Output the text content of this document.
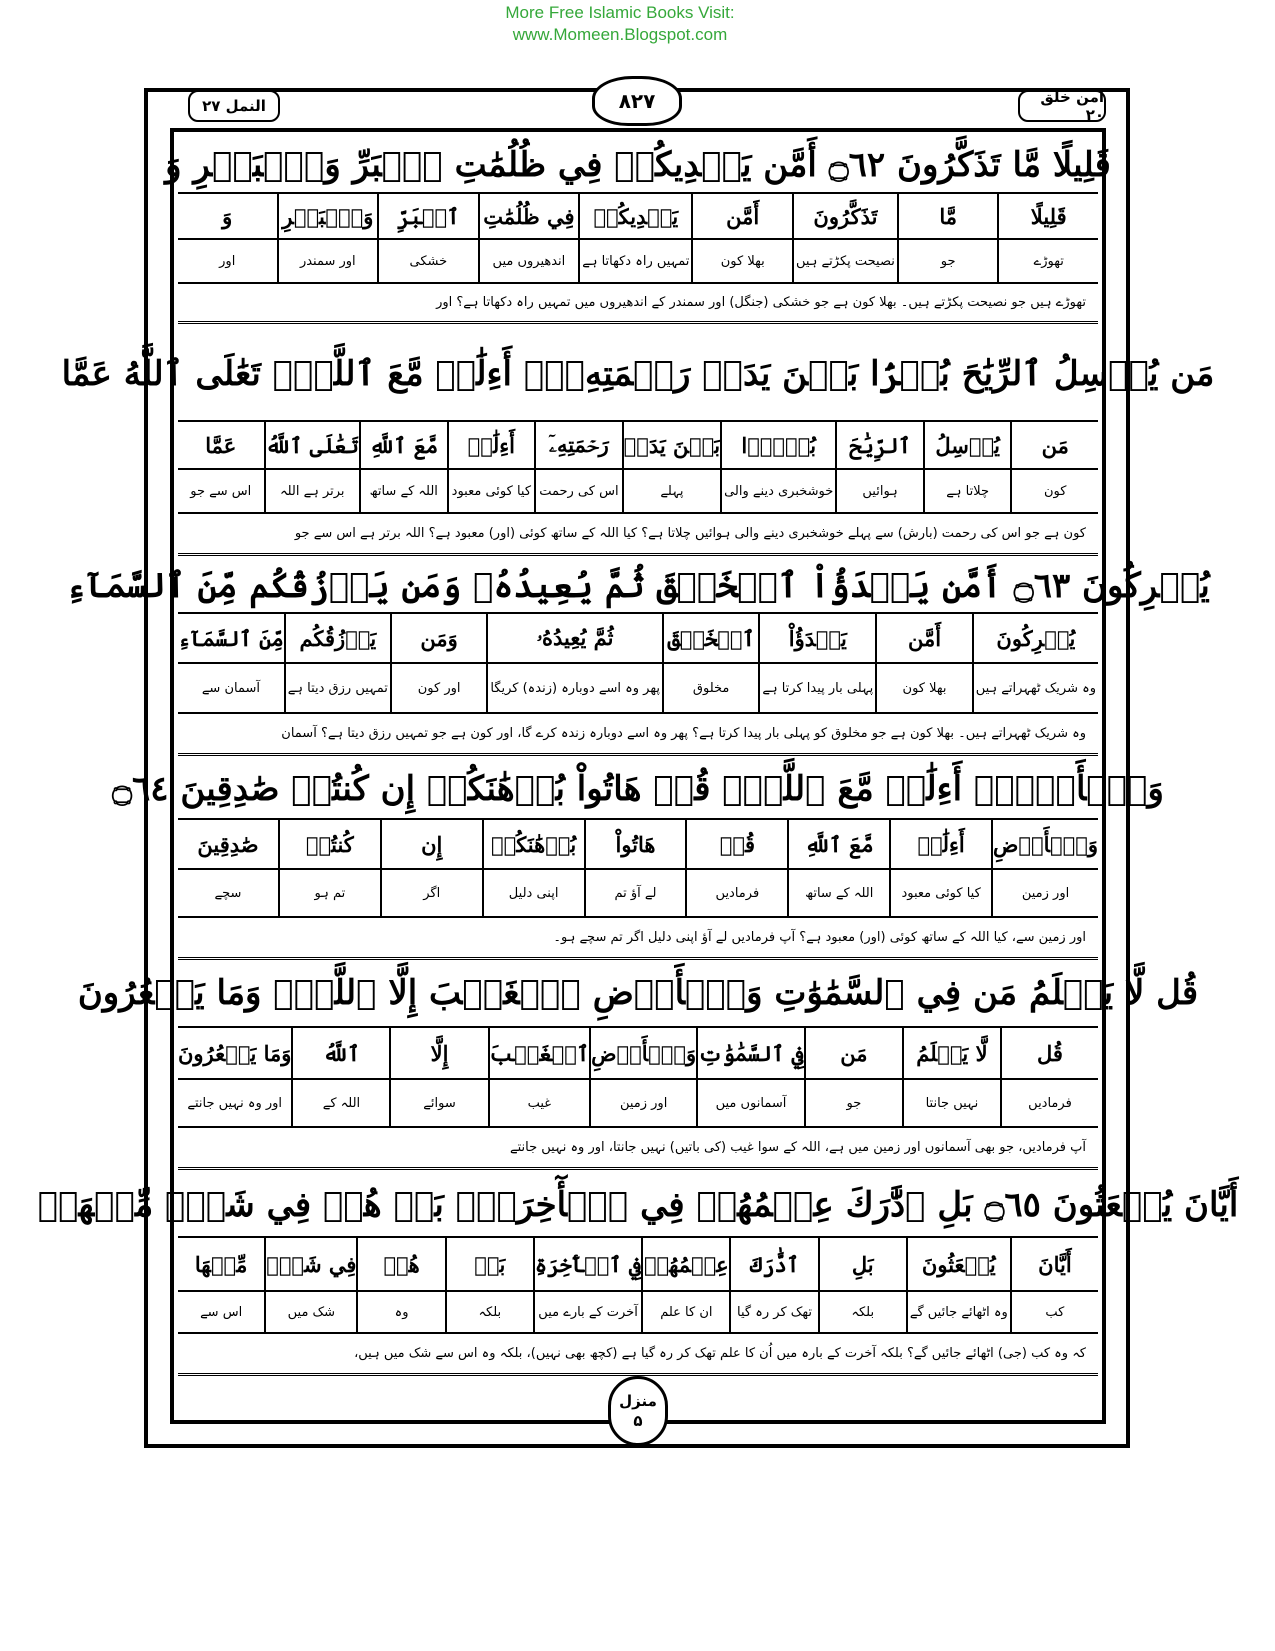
More Free Islamic Books Visit:
www.Momeen.Blogspot.com
النمل ۲۷	۸۲۷	امن خلق ۲۰
قَلِيلًا مَّا تَذَكَّرُونَ ۝٦٢ أَمَّن يَهۡدِيكُمۡ فِي ظُلُمَٰتِ ٱلۡبَرِّ وَٱلۡبَحۡرِ وَ
قَلِيلًا
تھوڑے
مَّا
جو
تَذَكَّرُونَ
نصیحت پکڑتے ہیں
أَمَّن
بھلا کون
يَهۡدِيكُمۡ
تمہیں راہ دکھاتا ہے
فِي ظُلُمَٰتِ
اندھیروں میں
ٱلۡبَرِّ
خشکی
وَٱلۡبَحۡرِ
اور سمندر
وَ
اور
تھوڑے ہیں جو نصیحت پکڑتے ہیں۔ بھلا کون ہے جو خشکی (جنگل) اور سمندر کے اندھیروں میں تمہیں راہ دکھاتا ہے؟ اور
مَن يُرۡسِلُ ٱلرِّيَٰحَ بُشۡرَۢا بَيۡنَ يَدَيۡ رَحۡمَتِهِۦٓۗ أَءِلَٰهٞ مَّعَ ٱللَّهِۚ تَعَٰلَى ٱللَّهُ عَمَّا
مَن
کون
يُرۡسِلُ
چلاتا ہے
ٱلرِّيَٰحَ
ہوائیں
بُشۡرَۢا
خوشخبری دینے والی
بَيۡنَ يَدَيۡ
پہلے
رَحۡمَتِهِۦٓ
اس کی رحمت
أَءِلَٰهٞ
کیا کوئی معبود
مَّعَ ٱللَّهِ
اللہ کے ساتھ
تَعَٰلَى ٱللَّهُ
برتر ہے اللہ
عَمَّا
اس سے جو
کون ہے جو اس کی رحمت (بارش) سے پہلے خوشخبری دینے والی ہوائیں چلاتا ہے؟ کیا اللہ کے ساتھ کوئی (اور) معبود ہے؟ اللہ برتر ہے اس سے جو
يُشۡرِكُونَ ۝٦٣ أَمَّن يَبۡدَؤُاْ ٱلۡخَلۡقَ ثُمَّ يُعِيدُهُۥ وَمَن يَرۡزُقُكُم مِّنَ ٱلسَّمَآءِ
يُشۡرِكُونَ
وہ شریک ٹھہراتے ہیں
أَمَّن
بھلا کون
يَبۡدَؤُاْ
پہلی بار پیدا کرتا ہے
ٱلۡخَلۡقَ
مخلوق
ثُمَّ يُعِيدُهُۥ
پھر وہ اسے دوبارہ (زندہ) کریگا
وَمَن
اور کون
يَرۡزُقُكُم
تمہیں رزق دیتا ہے
مِّنَ ٱلسَّمَآءِ
آسمان سے
وہ شریک ٹھہراتے ہیں۔ بھلا کون ہے جو مخلوق کو پہلی بار پیدا کرتا ہے؟ پھر وہ اسے دوبارہ زندہ کرے گا، اور کون ہے جو تمہیں رزق دیتا ہے؟ آسمان
وَٱلۡأَرۡضِۗ أَءِلَٰهٞ مَّعَ ٱللَّهِۚ قُلۡ هَاتُواْ بُرۡهَٰنَكُمۡ إِن كُنتُمۡ صَٰدِقِينَ ۝٦٤
وَٱلۡأَرۡضِ
اور زمین
أَءِلَٰهٞ
کیا کوئی معبود
مَّعَ ٱللَّهِ
اللہ کے ساتھ
قُلۡ
فرمادیں
هَاتُواْ
لے آؤ تم
بُرۡهَٰنَكُمۡ
اپنی دلیل
إِن
اگر
كُنتُمۡ
تم ہو
صَٰدِقِينَ
سچے
اور زمین سے، کیا اللہ کے ساتھ کوئی (اور) معبود ہے؟ آپ فرمادیں لے آؤ اپنی دلیل اگر تم سچے ہو۔
قُل لَّا يَعۡلَمُ مَن فِي ٱلسَّمَٰوَٰتِ وَٱلۡأَرۡضِ ٱلۡغَيۡبَ إِلَّا ٱللَّهُۚ وَمَا يَشۡعُرُونَ
قُل
فرمادیں
لَّا يَعۡلَمُ
نہیں جانتا
مَن
جو
فِي ٱلسَّمَٰوَٰتِ
آسمانوں میں
وَٱلۡأَرۡضِ
اور زمین
ٱلۡغَيۡبَ
غیب
إِلَّا
سوائے
ٱللَّهُ
اللہ کے
وَمَا يَشۡعُرُونَ
اور وہ نہیں جانتے
آپ فرمادیں، جو بھی آسمانوں اور زمین میں ہے، اللہ کے سوا غیب (کی باتیں) نہیں جانتا، اور وہ نہیں جانتے
أَيَّانَ يُبۡعَثُونَ ۝٦٥ بَلِ ٱدَّٰرَكَ عِلۡمُهُمۡ فِي ٱلۡأٓخِرَةِۚ بَلۡ هُمۡ فِي شَكّٖ مِّنۡهَاۖ
أَيَّانَ
کب
يُبۡعَثُونَ
وہ اٹھائے جائیں گے
بَلِ
بلکہ
ٱدَّٰرَكَ
تھک کر رہ گیا
عِلۡمُهُمۡ
ان کا علم
فِي ٱلۡأٓخِرَةِ
آخرت کے بارے میں
بَلۡ
بلکہ
هُمۡ
وہ
فِي شَكّٖ
شک میں
مِّنۡهَا
اس سے
کہ وہ کب (جی) اٹھائے جائیں گے؟ بلکہ آخرت کے بارہ میں اُن کا علم تھک کر رہ گیا ہے (کچھ بھی نہیں)، بلکہ وہ اس سے شک میں ہیں،
منزل
۵
